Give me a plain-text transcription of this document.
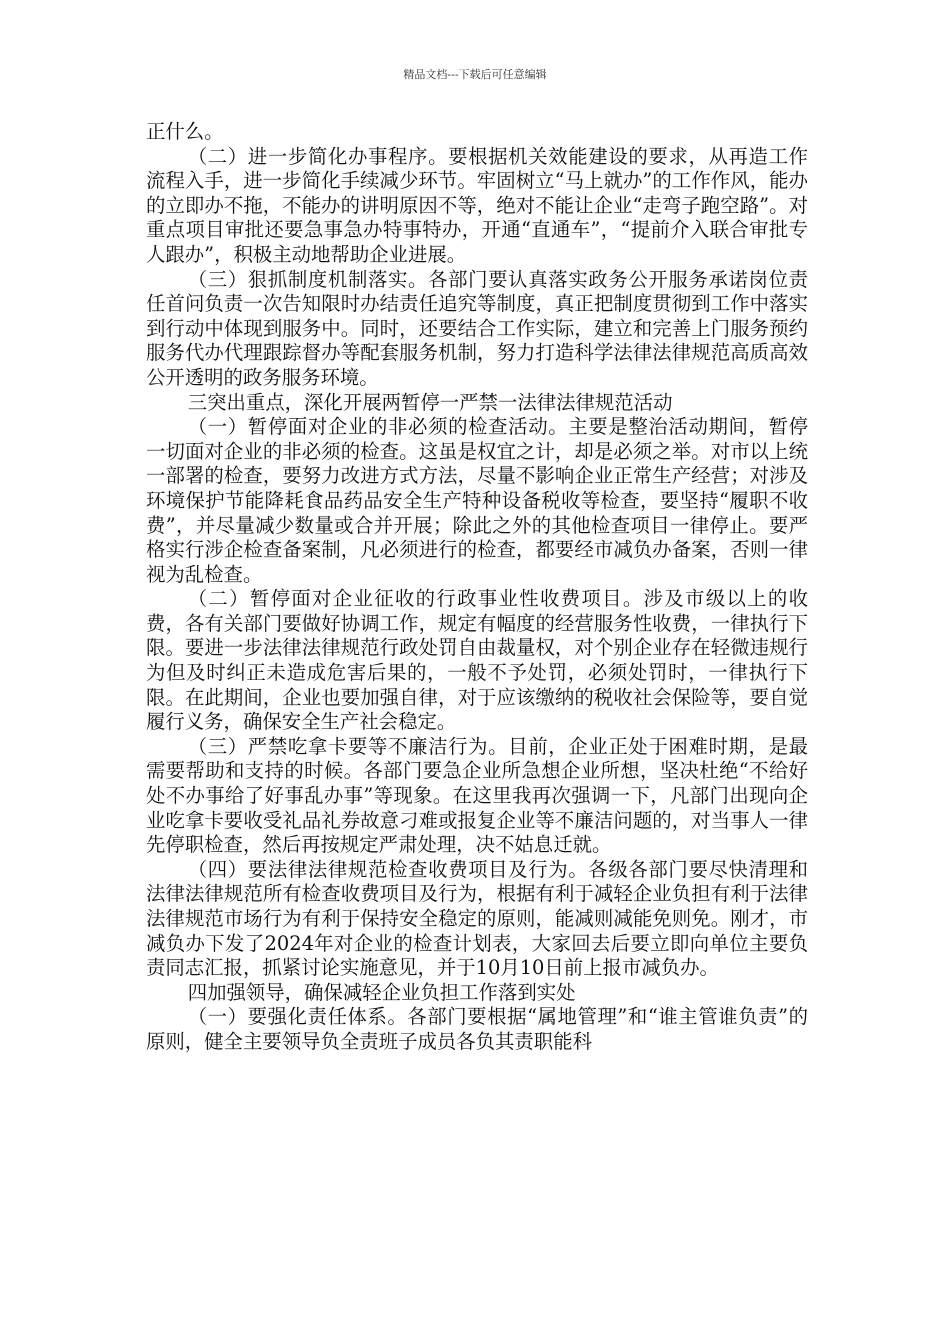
精品文档---下载后可任意编辑

正什么。

（二）进一步简化办事程序。要根据机关效能建设的要求，从再造工作流程入手，进一步简化手续减少环节。牢固树立“马上就办”的工作作风，能办的立即办不拖，不能办的讲明原因不等，绝对不能让企业“走弯子跑空路”。对重点项目审批还要急事急办特事特办，开通“直通车”，“提前介入联合审批专人跟办”，积极主动地帮助企业进展。

（三）狠抓制度机制落实。各部门要认真落实政务公开服务承诺岗位责任首问负责一次告知限时办结责任追究等制度，真正把制度贯彻到工作中落实到行动中体现到服务中。同时，还要结合工作实际，建立和完善上门服务预约服务代办代理跟踪督办等配套服务机制，努力打造科学法律法律规范高质高效公开透明的政务服务环境。

三突出重点，深化开展两暂停一严禁一法律法律规范活动

（一）暂停面对企业的非必须的检查活动。主要是整治活动期间，暂停一切面对企业的非必须的检查。这虽是权宜之计，却是必须之举。对市以上统一部署的检查，要努力改进方式方法，尽量不影响企业正常生产经营；对涉及环境保护节能降耗食品药品安全生产特种设备税收等检查，要坚持“履职不收费”，并尽量减少数量或合并开展；除此之外的其他检查项目一律停止。要严格实行涉企检查备案制，凡必须进行的检查，都要经市减负办备案，否则一律视为乱检查。

（二）暂停面对企业征收的行政事业性收费项目。涉及市级以上的收费，各有关部门要做好协调工作，规定有幅度的经营服务性收费，一律执行下限。要进一步法律法律规范行政处罚自由裁量权，对个别企业存在轻微违规行为但及时纠正未造成危害后果的，一般不予处罚，必须处罚时，一律执行下限。在此期间，企业也要加强自律，对于应该缴纳的税收社会保险等，要自觉履行义务，确保安全生产社会稳定。

（三）严禁吃拿卡要等不廉洁行为。目前，企业正处于困难时期，是最需要帮助和支持的时候。各部门要急企业所急想企业所想，坚决杜绝“不给好处不办事给了好事乱办事”等现象。在这里我再次强调一下，凡部门出现向企业吃拿卡要收受礼品礼券故意刁难或报复企业等不廉洁问题的，对当事人一律先停职检查，然后再按规定严肃处理，决不姑息迁就。

（四）要法律法律规范检查收费项目及行为。各级各部门要尽快清理和法律法律规范所有检查收费项目及行为，根据有利于减轻企业负担有利于法律法律规范市场行为有利于保持安全稳定的原则，能减则减能免则免。刚才，市减负办下发了2024年对企业的检查计划表，大家回去后要立即向单位主要负责同志汇报，抓紧讨论实施意见，并于10月10日前上报市减负办。

四加强领导，确保减轻企业负担工作落到实处

（一）要强化责任体系。各部门要根据“属地管理”和“谁主管谁负责”的原则，健全主要领导负全责班子成员各负其责职能科
